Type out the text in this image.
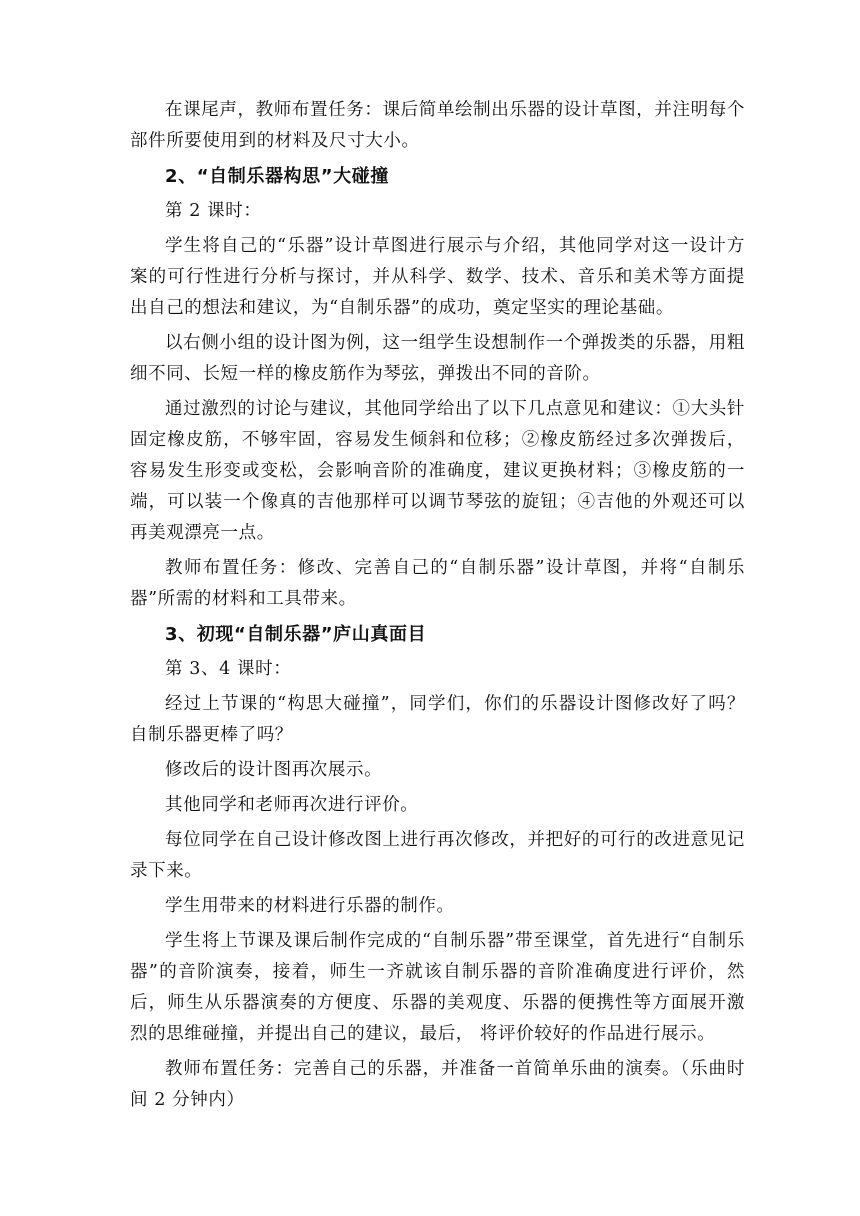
在课尾声，教师布置任务：课后简单绘制出乐器的设计草图，并注明每个部件所要使用到的材料及尺寸大小。

2、“自制乐器构思”大碰撞

第 2 课时：

学生将自己的“乐器”设计草图进行展示与介绍，其他同学对这一设计方案的可行性进行分析与探讨，并从科学、数学、技术、音乐和美术等方面提出自己的想法和建议，为“自制乐器”的成功，奠定坚实的理论基础。

以右侧小组的设计图为例，这一组学生设想制作一个弹拨类的乐器，用粗细不同、长短一样的橡皮筋作为琴弦，弹拨出不同的音阶。

通过激烈的讨论与建议，其他同学给出了以下几点意见和建议：①大头针固定橡皮筋，不够牢固，容易发生倾斜和位移；②橡皮筋经过多次弹拨后，容易发生形变或变松，会影响音阶的准确度，建议更换材料；③橡皮筋的一端，可以装一个像真的吉他那样可以调节琴弦的旋钮；④吉他的外观还可以再美观漂亮一点。

教师布置任务：修改、完善自己的“自制乐器”设计草图，并将“自制乐器”所需的材料和工具带来。

3、初现“自制乐器”庐山真面目

第 3、4 课时：

经过上节课的“构思大碰撞”，同学们，你们的乐器设计图修改好了吗？自制乐器更棒了吗？

修改后的设计图再次展示。

其他同学和老师再次进行评价。

每位同学在自己设计修改图上进行再次修改，并把好的可行的改进意见记录下来。

学生用带来的材料进行乐器的制作。

学生将上节课及课后制作完成的“自制乐器”带至课堂，首先进行“自制乐器”的音阶演奏，接着，师生一齐就该自制乐器的音阶准确度进行评价，然后，师生从乐器演奏的方便度、乐器的美观度、乐器的便携性等方面展开激烈的思维碰撞，并提出自己的建议，最后， 将评价较好的作品进行展示。

教师布置任务：完善自己的乐器，并准备一首简单乐曲的演奏。（乐曲时间 2 分钟内）
